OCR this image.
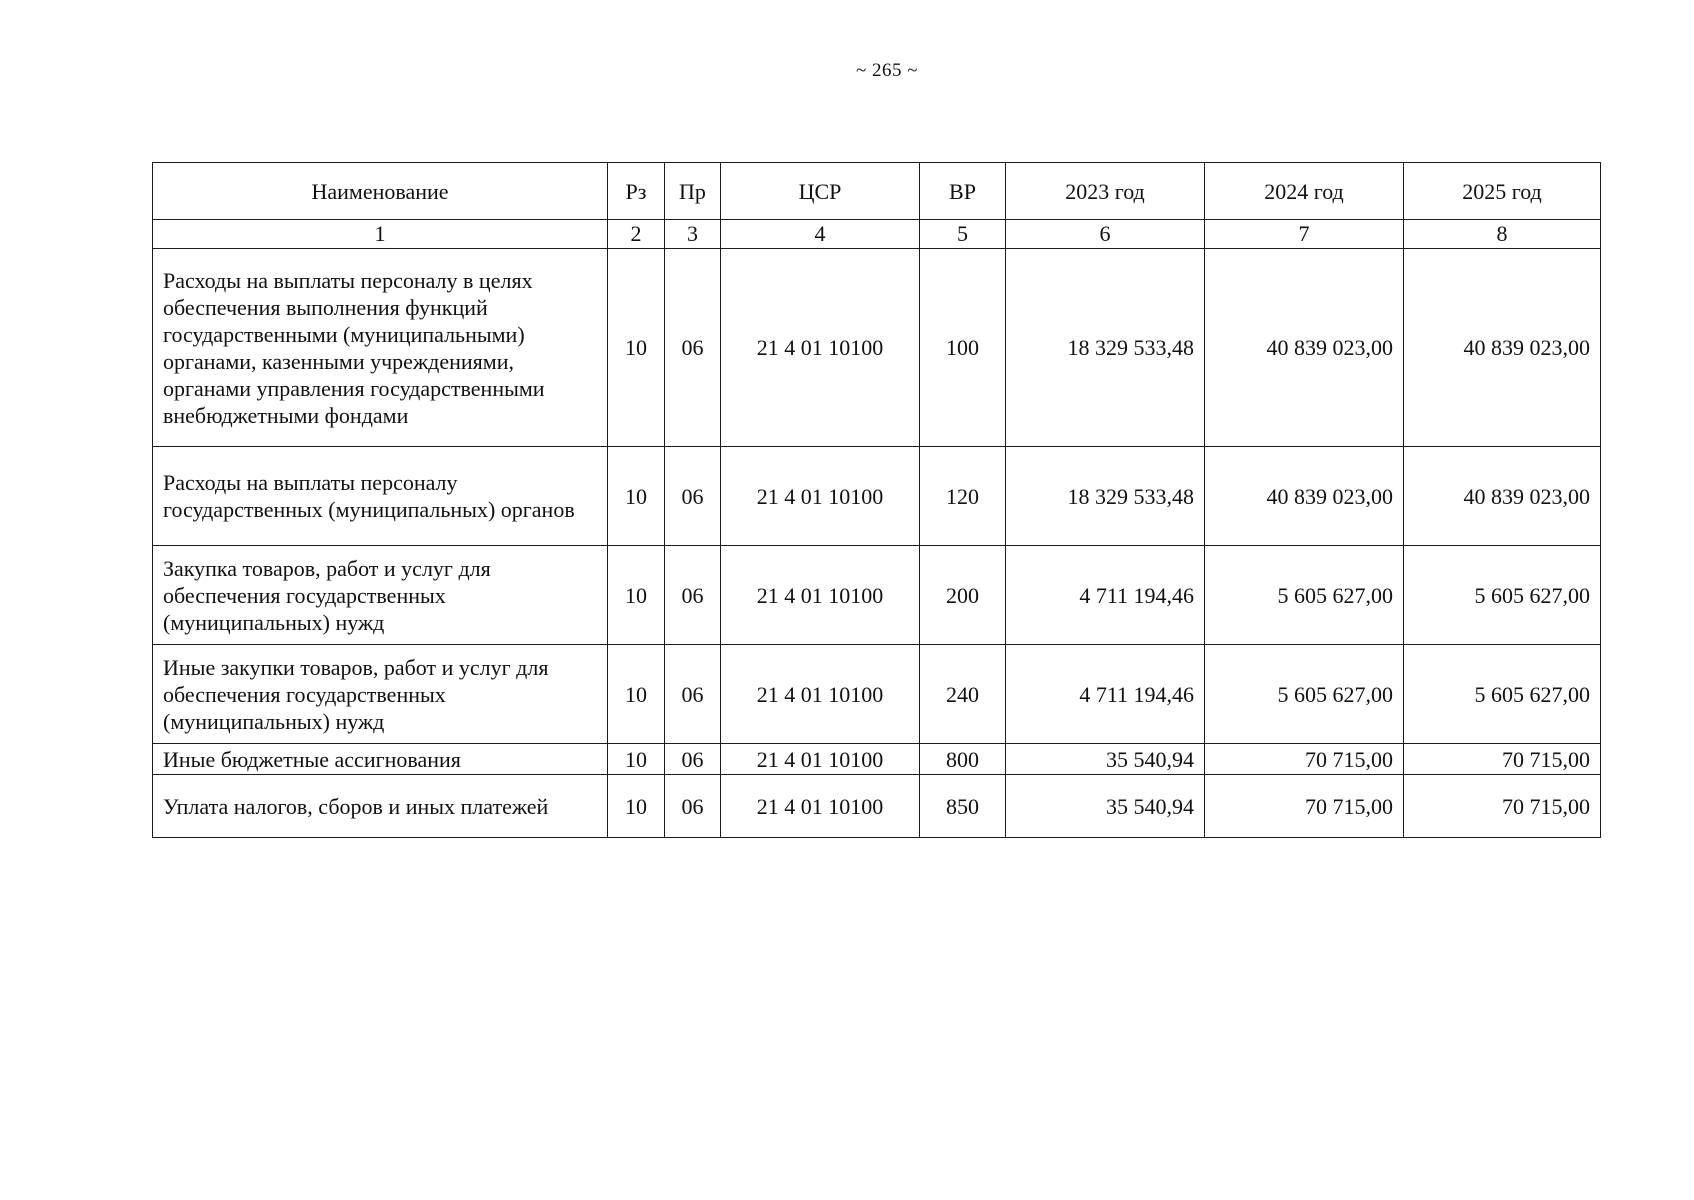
~ 265 ~
Наименование	Рз	Пр	ЦСР	ВР	2023 год	2024 год	2025 год
1	2	3	4	5	6	7	8
Расходы на выплаты персоналу в целях обеспечения выполнения функций государственными (муниципальными) органами, казенными учреждениями, органами управления государственными внебюджетными фондами	10	06	21 4 01 10100	100	18 329 533,48	40 839 023,00	40 839 023,00
Расходы на выплаты персоналу государственных (муниципальных) органов	10	06	21 4 01 10100	120	18 329 533,48	40 839 023,00	40 839 023,00
Закупка товаров, работ и услуг для обеспечения государственных (муниципальных) нужд	10	06	21 4 01 10100	200	4 711 194,46	5 605 627,00	5 605 627,00
Иные закупки товаров, работ и услуг для обеспечения государственных (муниципальных) нужд	10	06	21 4 01 10100	240	4 711 194,46	5 605 627,00	5 605 627,00
Иные бюджетные ассигнования	10	06	21 4 01 10100	800	35 540,94	70 715,00	70 715,00
Уплата налогов, сборов и иных платежей	10	06	21 4 01 10100	850	35 540,94	70 715,00	70 715,00
